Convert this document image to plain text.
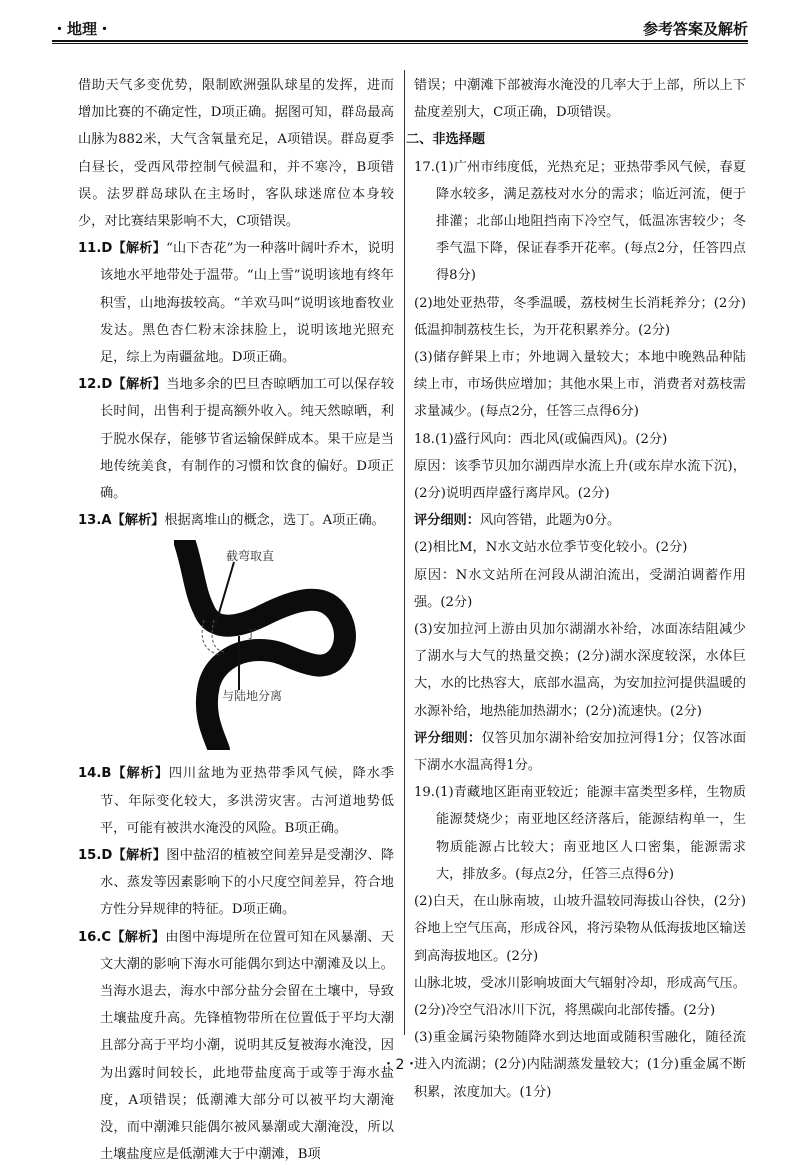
・地理・	参考答案及解析

借助天气多变优势，限制欧洲强队球星的发挥，进而增加比赛的不确定性，D项正确。据图可知，群岛最高山脉为882米，大气含氧量充足，A项错误。群岛夏季白昼长，受西风带控制气候温和，并不寒冷，B项错误。法罗群岛球队在主场时，客队球迷席位本身较少，对比赛结果影响不大，C项错误。

11.D【解析】“山下杏花”为一种落叶阔叶乔木，说明该地水平地带处于温带。“山上雪”说明该地有终年积雪，山地海拔较高。“羊欢马叫”说明该地畜牧业发达。黑色杏仁粉末涂抹脸上，说明该地光照充足，综上为南疆盆地。D项正确。

12.D【解析】当地多余的巴旦杏晾晒加工可以保存较长时间，出售利于提高额外收入。纯天然晾晒，利于脱水保存，能够节省运输保鲜成本。果干应是当地传统美食，有制作的习惯和饮食的偏好。D项正确。

13.A【解析】根据离堆山的概念，选丁。A项正确。

截弯取直
丁
与陆地分离

14.B【解析】四川盆地为亚热带季风气候，降水季节、年际变化较大，多洪涝灾害。古河道地势低平，可能有被洪水淹没的风险。B项正确。

15.D【解析】图中盐沼的植被空间差异是受潮汐、降水、蒸发等因素影响下的小尺度空间差异，符合地方性分异规律的特征。D项正确。

16.C【解析】由图中海堤所在位置可知在风暴潮、天文大潮的影响下海水可能偶尔到达中潮滩及以上。当海水退去，海水中部分盐分会留在土壤中，导致土壤盐度升高。先锋植物带所在位置低于平均大潮且部分高于平均小潮，说明其反复被海水淹没，因为出露时间较长，此地带盐度高于或等于海水盐度，A项错误；低潮滩大部分可以被平均大潮淹没，而中潮滩只能偶尔被风暴潮或大潮淹没，所以土壤盐度应是低潮滩大于中潮滩，B项

错误；中潮滩下部被海水淹没的几率大于上部，所以上下盐度差别大，C项正确，D项错误。

二、非选择题

17.(1)广州市纬度低，光热充足；亚热带季风气候，春夏降水较多，满足荔枝对水分的需求；临近河流，便于排灌；北部山地阻挡南下冷空气，低温冻害较少；冬季气温下降，保证春季开花率。(每点2分，任答四点得8分)

(2)地处亚热带，冬季温暖，荔枝树生长消耗养分；(2分)低温抑制荔枝生长，为开花积累养分。(2分)

(3)储存鲜果上市；外地调入量较大；本地中晚熟品种陆续上市，市场供应增加；其他水果上市，消费者对荔枝需求量减少。(每点2分，任答三点得6分)

18.(1)盛行风向：西北风(或偏西风)。(2分)

原因：该季节贝加尔湖西岸水流上升(或东岸水流下沉)，(2分)说明西岸盛行离岸风。(2分)

评分细则：风向答错，此题为0分。

(2)相比M，N水文站水位季节变化较小。(2分)

原因：N水文站所在河段从湖泊流出，受湖泊调蓄作用强。(2分)

(3)安加拉河上游由贝加尔湖湖水补给，冰面冻结阻减少了湖水与大气的热量交换；(2分)湖水深度较深，水体巨大，水的比热容大，底部水温高，为安加拉河提供温暖的水源补给，地热能加热湖水；(2分)流速快。(2分)

评分细则：仅答贝加尔湖补给安加拉河得1分；仅答冰面下湖水水温高得1分。

19.(1)青藏地区距南亚较近；能源丰富类型多样，生物质能源焚烧少；南亚地区经济落后，能源结构单一，生物质能源占比较大；南亚地区人口密集，能源需求大，排放多。(每点2分，任答三点得6分)

(2)白天，在山脉南坡，山坡升温较同海拔山谷快，(2分)谷地上空气压高，形成谷风，将污染物从低海拔地区输送到高海拔地区。(2分)

山脉北坡，受冰川影响坡面大气辐射冷却，形成高气压。(2分)冷空气沿冰川下沉，将黑碳向北部传播。(2分)

(3)重金属污染物随降水到达地面或随积雪融化，随径流进入内流湖；(2分)内陆湖蒸发量较大；(1分)重金属不断积累，浓度加大。(1分)

・2・
